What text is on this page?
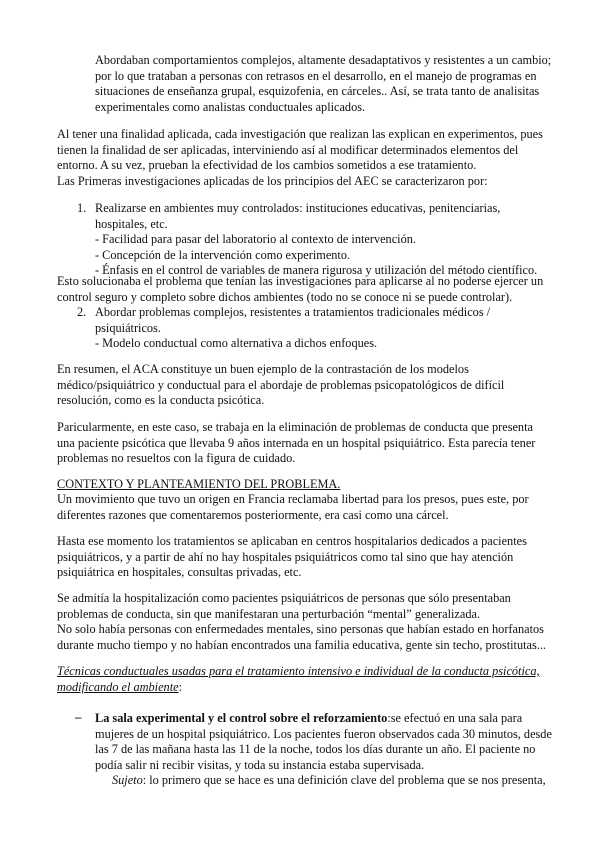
Abordaban comportamientos complejos, altamente desadaptativos y resistentes a un cambio;
por lo que trataban a personas con retrasos en el desarrollo, en el manejo de programas en
situaciones de enseñanza grupal, esquizofenia, en cárceles.. Así, se trata tanto de analisitas
experimentales como analistas conductuales aplicados.
Al tener una finalidad aplicada, cada investigación que realizan las explican en experimentos, pues
tienen la finalidad de ser aplicadas, interviniendo así al modificar determinados elementos del
entorno. A su vez, prueban la efectividad de los cambios sometidos a ese tratamiento.
Las Primeras investigaciones aplicadas de los principios del AEC se caracterizaron por:
1. Realizarse en ambientes muy controlados: instituciones educativas, penitenciarias,
hospitales, etc.
- Facilidad para pasar del laboratorio al contexto de intervención.
- Concepción de la intervención como experimento.
- Énfasis en el control de variables de manera rigurosa y utilización del método científico.
Esto solucionaba el problema que tenían las investigaciones para aplicarse al no poderse ejercer un
control seguro y completo sobre dichos ambientes (todo no se conoce ni se puede controlar).
2. Abordar problemas complejos, resistentes a tratamientos tradicionales médicos /
psiquiátricos.
- Modelo conductual como alternativa a dichos enfoques.
En resumen, el ACA constituye un buen ejemplo de la contrastación de los modelos
médico/psiquiátrico y conductual para el abordaje de problemas psicopatológicos de difícil
resolución, como es la conducta psicótica.
Paricularmente, en este caso, se trabaja en la eliminación de problemas de conducta que presenta
una paciente psicótica que llevaba 9 años internada en un hospital psiquiátrico. Esta parecía tener
problemas no resueltos con la figura de cuidado.
CONTEXTO Y PLANTEAMIENTO DEL PROBLEMA.
Un movimiento que tuvo un origen en Francia reclamaba libertad para los presos, pues este, por
diferentes razones que comentaremos posteriormente, era casi como una cárcel.
Hasta ese momento los tratamientos se aplicaban en centros hospitalarios dedicados a pacientes
psiquiátricos, y a partir de ahí no hay hospitales psiquiátricos como tal sino que hay atención
psiquiátrica en hospitales, consultas privadas, etc.
Se admitía la hospitalización como pacientes psiquiátricos de personas que sólo presentaban
problemas de conducta, sin que manifestaran una perturbación “mental” generalizada.
No solo había personas con enfermedades mentales, sino personas que habían estado en horfanatos
durante mucho tiempo y no habían encontrados una familia educativa, gente sin techo, prostitutas...
Técnicas conductuales usadas para el tratamiento intensivo e individual de la conducta psicótica,
modificando el ambiente:
– La sala experimental y el control sobre el reforzamiento:se efectuó en una sala para
mujeres de un hospital psiquiátrico. Los pacientes fueron observados cada 30 minutos, desde
las 7 de las mañana hasta las 11 de la noche, todos los días durante un año. El paciente no
podía salir ni recibir visitas, y toda su instancia estaba supervisada.
Sujeto: lo primero que se hace es una definición clave del problema que se nos presenta,
